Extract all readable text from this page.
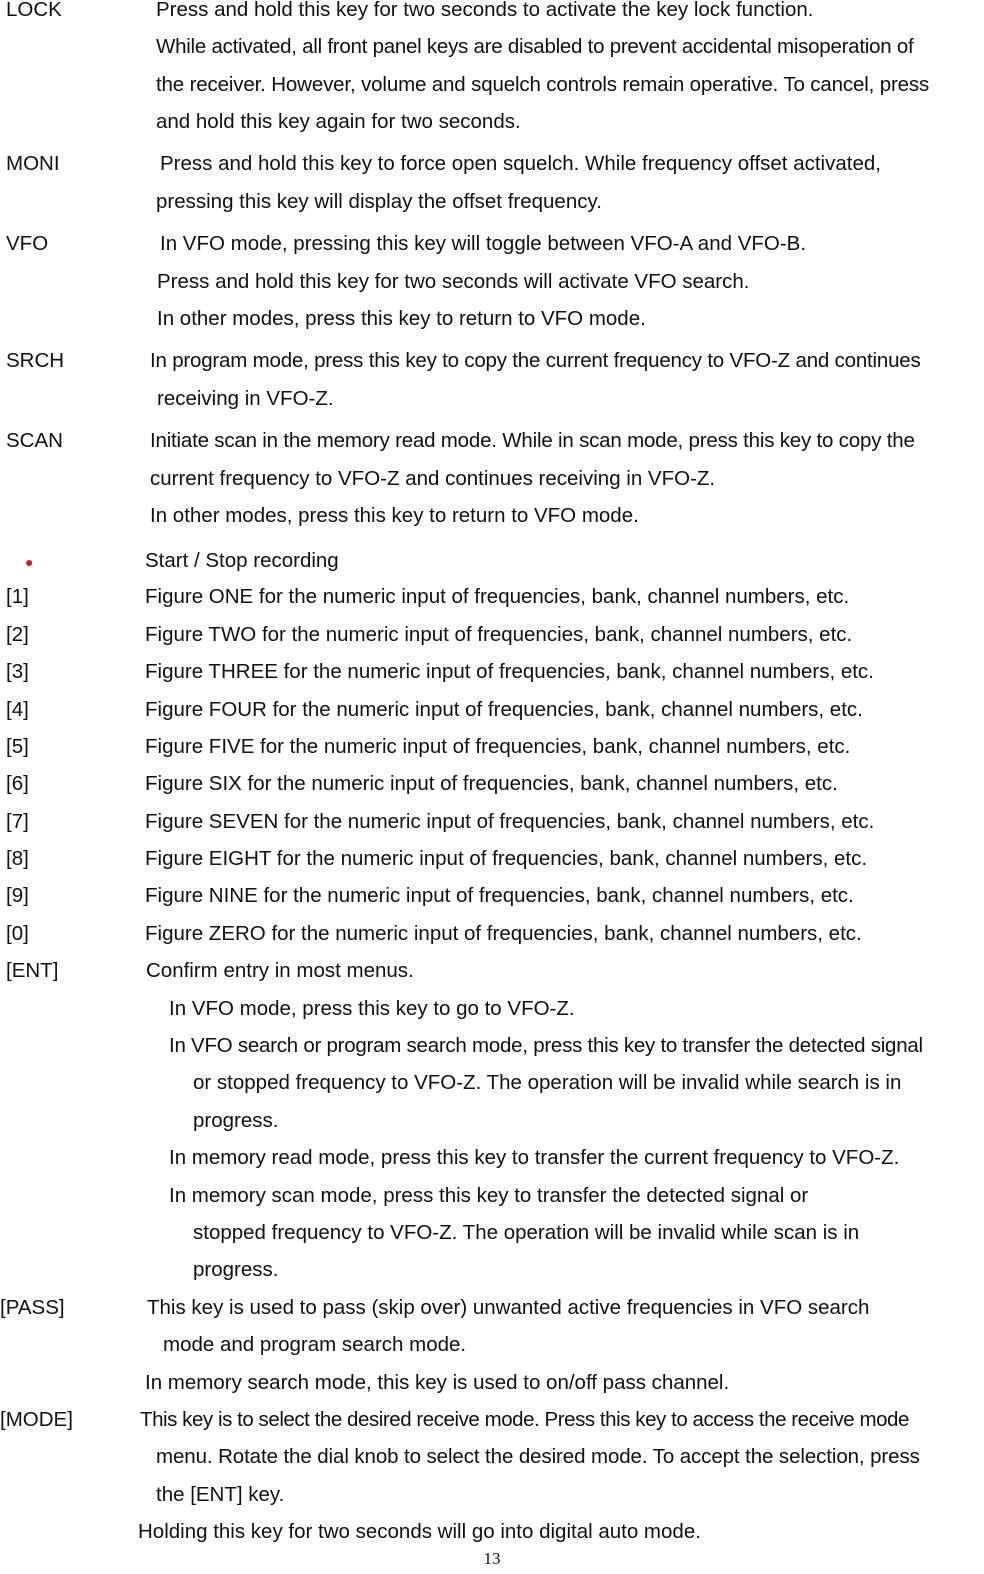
LOCK	Press and hold this key for two seconds to activate the key lock function.
While activated, all front panel keys are disabled to prevent accidental misoperation of
the receiver. However, volume and squelch controls remain operative. To cancel, press
and hold this key again for two seconds.
MONI	Press and hold this key to force open squelch. While frequency offset activated,
pressing this key will display the offset frequency.
VFO	In VFO mode, pressing this key will toggle between VFO-A and VFO-B.
Press and hold this key for two seconds will activate VFO search.
In other modes, press this key to return to VFO mode.
SRCH	In program mode, press this key to copy the current frequency to VFO-Z and continues
receiving in VFO-Z.
SCAN	Initiate scan in the memory read mode. While in scan mode, press this key to copy the
current frequency to VFO-Z and continues receiving in VFO-Z.
In other modes, press this key to return to VFO mode.
●	Start / Stop recording
[1]	Figure ONE for the numeric input of frequencies, bank, channel numbers, etc.
[2]	Figure TWO for the numeric input of frequencies, bank, channel numbers, etc.
[3]	Figure THREE for the numeric input of frequencies, bank, channel numbers, etc.
[4]	Figure FOUR for the numeric input of frequencies, bank, channel numbers, etc.
[5]	Figure FIVE for the numeric input of frequencies, bank, channel numbers, etc.
[6]	Figure SIX for the numeric input of frequencies, bank, channel numbers, etc.
[7]	Figure SEVEN for the numeric input of frequencies, bank, channel numbers, etc.
[8]	Figure EIGHT for the numeric input of frequencies, bank, channel numbers, etc.
[9]	Figure NINE for the numeric input of frequencies, bank, channel numbers, etc.
[0]	Figure ZERO for the numeric input of frequencies, bank, channel numbers, etc.
[ENT]	Confirm entry in most menus.
In VFO mode, press this key to go to VFO-Z.
In VFO search or program search mode, press this key to transfer the detected signal
or stopped frequency to VFO-Z. The operation will be invalid while search is in
progress.
In memory read mode, press this key to transfer the current frequency to VFO-Z.
In memory scan mode, press this key to transfer the detected signal or
stopped frequency to VFO-Z. The operation will be invalid while scan is in
progress.
[PASS]	This key is used to pass (skip over) unwanted active frequencies in VFO search
mode and program search mode.
In memory search mode, this key is used to on/off pass channel.
[MODE]	This key is to select the desired receive mode. Press this key to access the receive mode
menu. Rotate the dial knob to select the desired mode. To accept the selection, press
the [ENT] key.
Holding this key for two seconds will go into digital auto mode.
13
